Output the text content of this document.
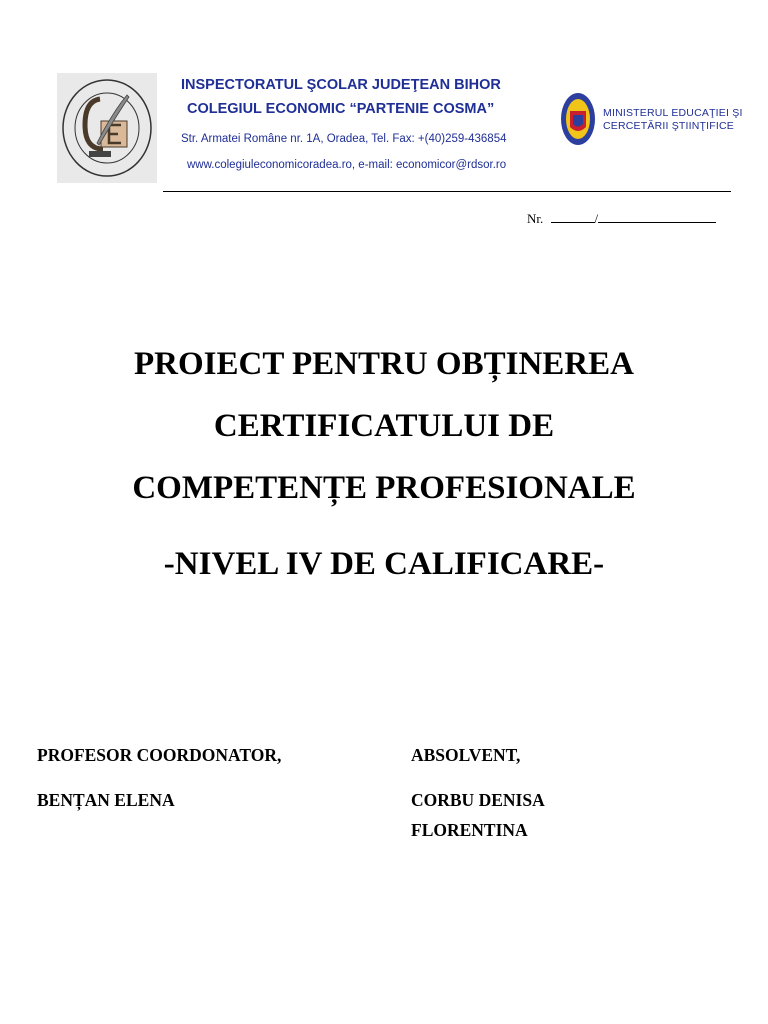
INSPECTORATUL ŞCOLAR JUDEŢEAN BIHOR
COLEGIUL ECONOMIC “PARTENIE COSMA”
Str. Armatei Române nr. 1A, Oradea, Tel. Fax: +(40)259-436854
www.colegiuleconomicoradea.ro, e-mail: economicor@rdsor.ro
MINISTERUL EDUCAŢIEI ŞI
CERCETĂRII ŞTIINŢIFICE
Nr.	/
PROIECT PENTRU OBȚINEREA
CERTIFICATULUI DE
COMPETENȚE PROFESIONALE
-NIVEL IV DE CALIFICARE-
PROFESOR COORDONATOR,
BENȚAN ELENA
ABSOLVENT,
CORBU DENISA FLORENTINA
